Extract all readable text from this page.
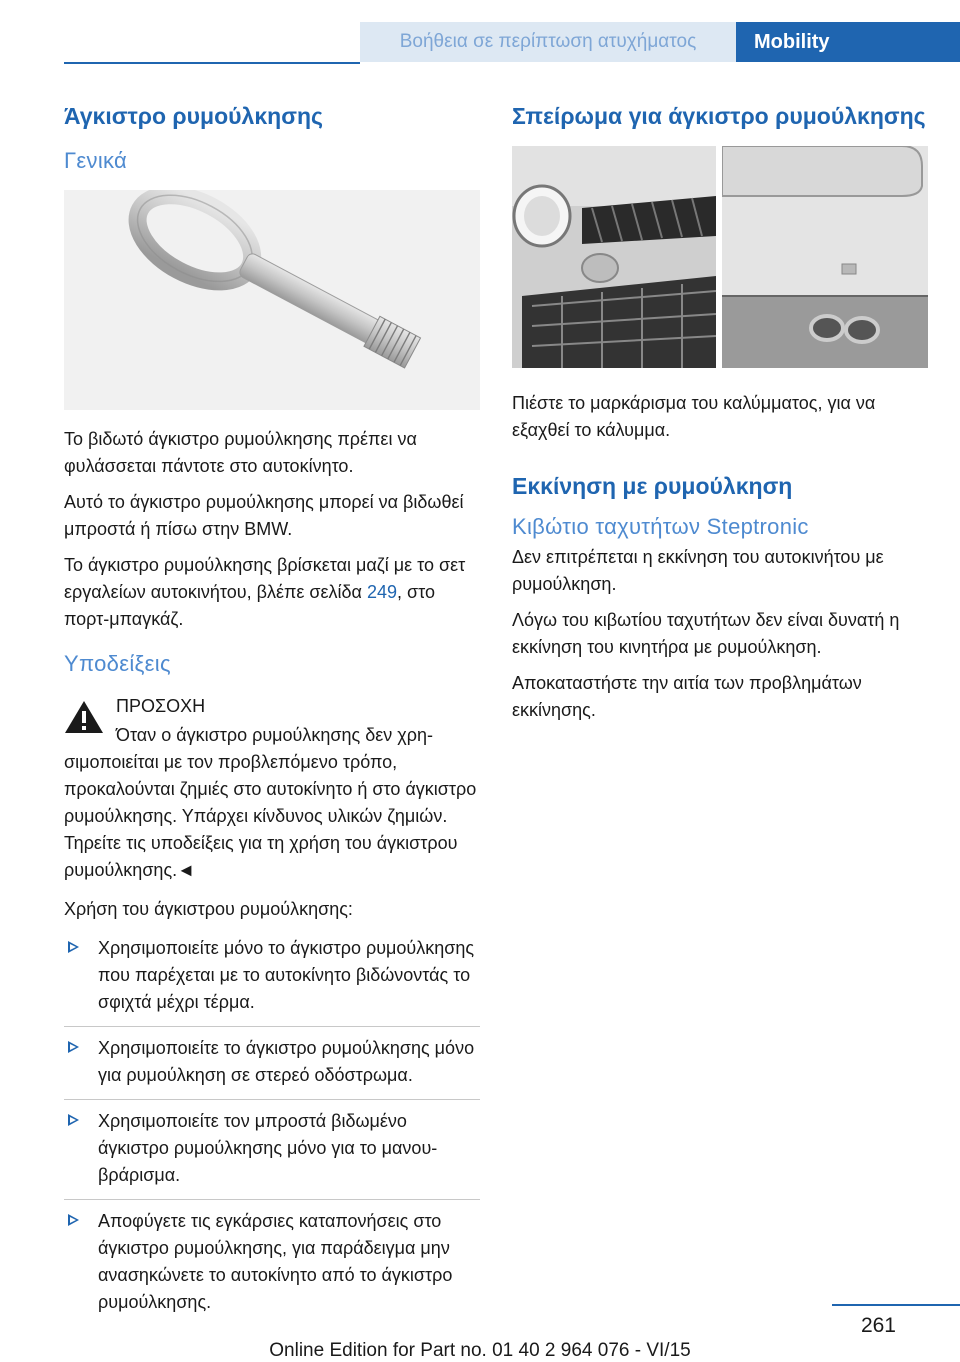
Βοήθεια σε περίπτωση ατυχήματος	Mobility
Άγκιστρο ρυμούλκησης
Γενικά

Το βιδωτό άγκιστρο ρυμούλκησης πρέπει να φυλάσσεται πάντοτε στο αυτοκίνητο.

Αυτό το άγκιστρο ρυμούλκησης μπορεί να βιδωθεί μπροστά ή πίσω στην BMW.

Το άγκιστρο ρυμούλκησης βρίσκεται μαζί με το σετ εργαλείων αυτοκινήτου, βλέπε σελίδα 249, στο πορτ-μπαγκάζ.

Υποδείξεις
ΠΡΟΣΟΧΗ

Όταν ο άγκιστρο ρυμούλκησης δεν χρησιμοποιείται με τον προβλεπόμενο τρόπο, προκαλούνται ζημιές στο αυτοκίνητο ή στο άγκιστρο ρυμούλκησης. Υπάρχει κίνδυνος υλικών ζημιών. Τηρείτε τις υποδείξεις για τη χρήση του άγκιστρου ρυμούλκησης.◄

Χρήση του άγκιστρου ρυμούλκησης:

Χρησιμοποιείτε μόνο το άγκιστρο ρυμούλκησης που παρέχεται με το αυτοκίνητο βιδώνοντάς το σφιχτά μέχρι τέρμα.
Χρησιμοποιείτε το άγκιστρο ρυμούλκησης μόνο για ρυμούλκηση σε στερεό οδόστρωμα.
Χρησιμοποιείτε τον μπροστά βιδωμένο άγκιστρο ρυμούλκησης μόνο για το μανουβράρισμα.
Αποφύγετε τις εγκάρσιες καταπονήσεις στο άγκιστρο ρυμούλκησης, για παράδειγμα μην ανασηκώνετε το αυτοκίνητο από το άγκιστρο ρυμούλκησης.
Σπείρωμα για άγκιστρο ρυμούλκησης

Πιέστε το μαρκάρισμα του καλύμματος, για να εξαχθεί το κάλυμμα.

Εκκίνηση με ρυμούλκηση
Κιβώτιο ταχυτήτων Steptronic

Δεν επιτρέπεται η εκκίνηση του αυτοκινήτου με ρυμούλκηση.

Λόγω του κιβωτίου ταχυτήτων δεν είναι δυνατή η εκκίνηση του κινητήρα με ρυμούλκηση.

Αποκαταστήστε την αιτία των προβλημάτων εκκίνησης.

261
Online Edition for Part no. 01 40 2 964 076 - VI/15
